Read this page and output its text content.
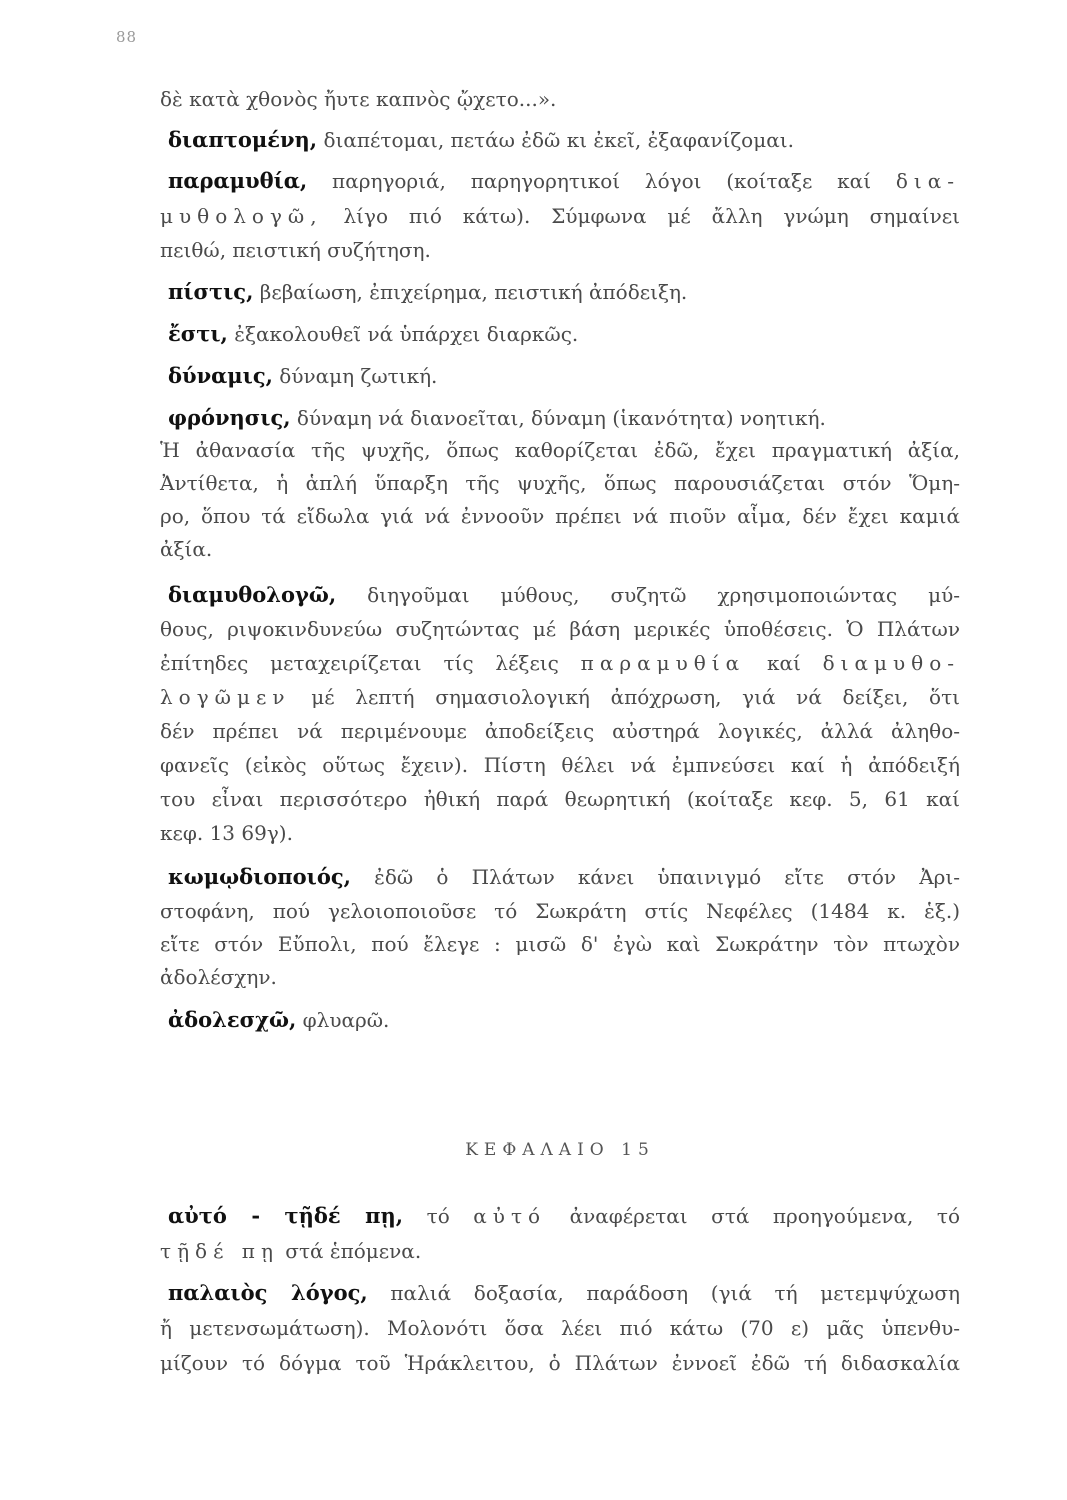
88
δὲ κατὰ χθονὸς ἤυτε καπνὸς ᾤχετο...».
διαπτομένη, διαπέτομαι, πετάω ἐδῶ κι ἐκεῖ, ἐξαφανίζομαι.
παραμυθία, παρηγοριά, παρηγορητικοί λόγοι (κοίταξε καί δια-
μυθολογῶ, λίγο πιό κάτω). Σύμφωνα μέ ἄλλη γνώμη σημαίνει
πειθώ, πειστική συζήτηση.
πίστις, βεβαίωση, ἐπιχείρημα, πειστική ἀπόδειξη.
ἔστι, ἐξακολουθεῖ νά ὑπάρχει διαρκῶς.
δύναμις, δύναμη ζωτική.
φρόνησις, δύναμη νά διανοεῖται, δύναμη (ἱκανότητα) νοητική.
Ἡ ἀθανασία τῆς ψυχῆς, ὅπως καθορίζεται ἐδῶ, ἔχει πραγματική ἀξία,
Ἀντίθετα, ἡ ἁπλή ὕπαρξη τῆς ψυχῆς, ὅπως παρουσιάζεται στόν Ὅμη-
ρο, ὅπου τά εἴδωλα γιά νά ἐννοοῦν πρέπει νά πιοῦν αἷμα, δέν ἔχει καμιά
ἀξία.
διαμυθολογῶ, διηγοῦμαι μύθους, συζητῶ χρησιμοποιώντας μύ-
θους, ριψοκινδυνεύω συζητώντας μέ βάση μερικές ὑποθέσεις. Ὁ Πλάτων
ἐπίτηδες μεταχειρίζεται τίς λέξεις παραμυθία καί διαμυθο-
λογῶμεν μέ λεπτή σημασιολογική ἀπόχρωση, γιά νά δείξει, ὅτι
δέν πρέπει νά περιμένουμε ἀποδείξεις αὐστηρά λογικές, ἀλλά ἀληθο-
φανεῖς (εἰκὸς οὕτως ἔχειν). Πίστη θέλει νά ἐμπνεύσει καί ἡ ἀπόδειξή
του εἶναι περισσότερο ἠθική παρά θεωρητική (κοίταξε κεφ. 5, 61 καί
κεφ. 13 69γ).
κωμῳδιοποιός, ἐδῶ ὁ Πλάτων κάνει ὑπαινιγμό εἴτε στόν Ἀρι-
στοφάνη, πού γελοιοποιοῦσε τό Σωκράτη στίς Νεφέλες (1484 κ. ἑξ.)
εἴτε στόν Εὔπολι, πού ἔλεγε : μισῶ δ' ἐγὼ καὶ Σωκράτην τὸν πτωχὸν
ἀδολέσχην.
ἀδολεσχῶ, φλυαρῶ.
ΚΕΦΑΛΑΙΟ 15
αὐτό - τῇδέ πῃ, τό αὐτό ἀναφέρεται στά προηγούμενα, τό
τῇδέ πῃ στά ἑπόμενα.
παλαιὸς λόγος, παλιά δοξασία, παράδοση (γιά τή μετεμψύχωση
ἤ μετενσωμάτωση). Μολονότι ὅσα λέει πιό κάτω (70 ε) μᾶς ὑπενθυ-
μίζουν τό δόγμα τοῦ Ἡράκλειτου, ὁ Πλάτων ἐννοεῖ ἐδῶ τή διδασκαλία
